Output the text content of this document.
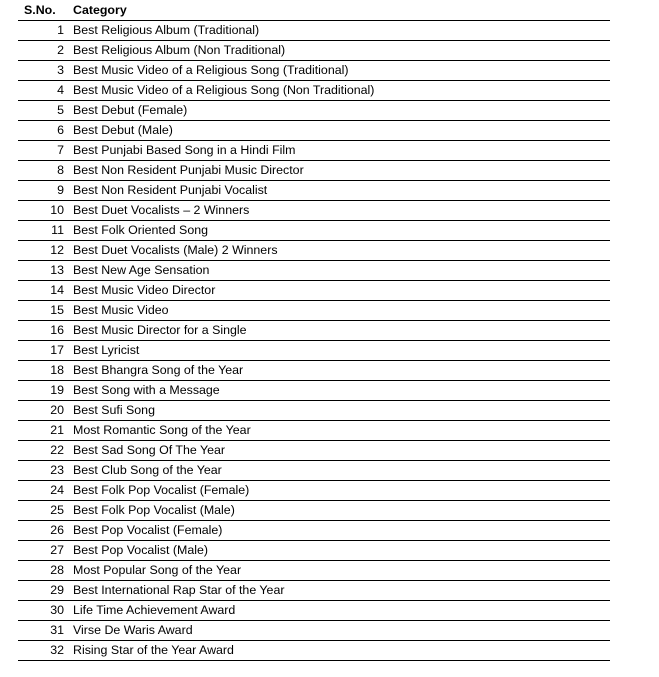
S.No.	Category
1	Best Religious Album (Traditional)
2	Best Religious Album (Non Traditional)
3	Best Music Video of a Religious Song (Traditional)
4	Best Music Video of a Religious Song (Non Traditional)
5	Best Debut (Female)
6	Best Debut (Male)
7	Best Punjabi Based Song in a Hindi Film
8	Best Non Resident Punjabi Music Director
9	Best Non Resident Punjabi Vocalist
10	Best Duet Vocalists – 2 Winners
11	Best Folk Oriented Song
12	Best Duet Vocalists (Male) 2 Winners
13	Best New Age Sensation
14	Best Music Video Director
15	Best Music Video
16	Best Music Director for a Single
17	Best Lyricist
18	Best Bhangra Song of the Year
19	Best Song with a Message
20	Best Sufi Song
21	Most Romantic Song of the Year
22	Best Sad Song Of The Year
23	Best Club Song of the Year
24	Best Folk Pop Vocalist (Female)
25	Best Folk Pop Vocalist (Male)
26	Best Pop Vocalist (Female)
27	Best Pop Vocalist (Male)
28	Most Popular Song of the Year
29	Best International Rap Star of the Year
30	Life Time Achievement Award
31	Virse De Waris Award
32	Rising Star of the Year Award
